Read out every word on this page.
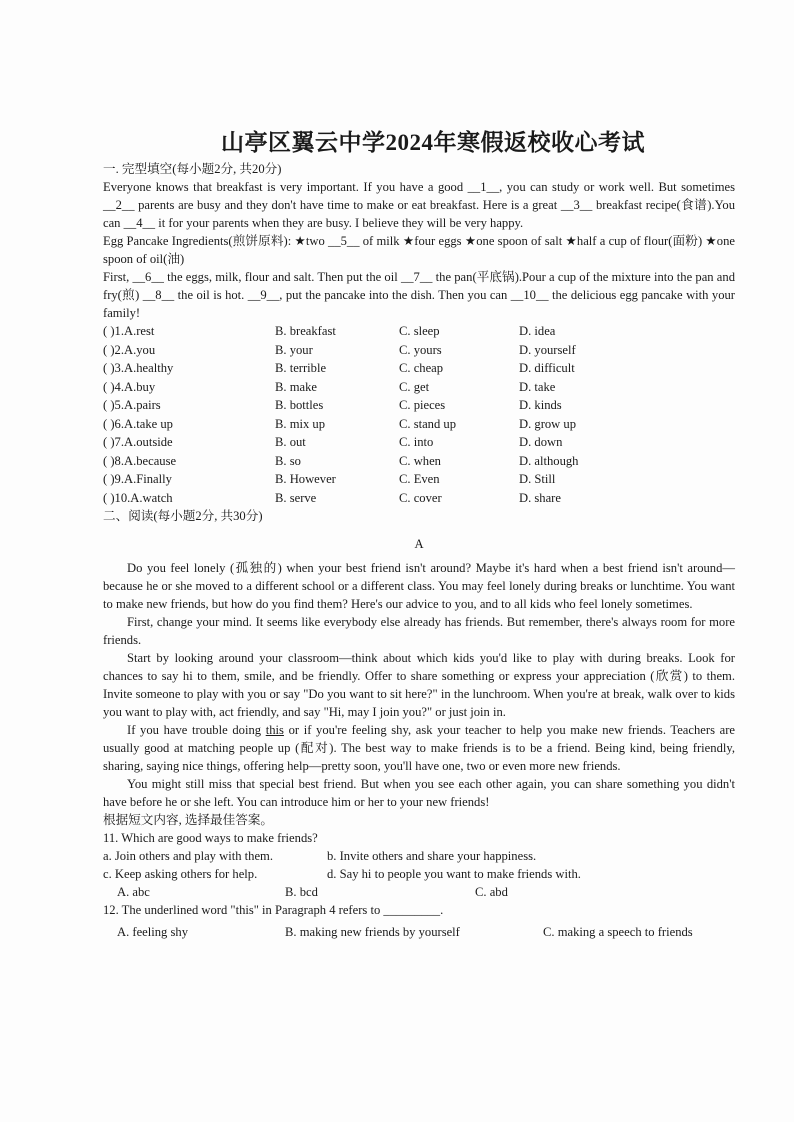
山亭区翼云中学2024年寒假返校收心考试
一. 完型填空(每小题2分, 共20分)

Everyone knows that breakfast is very important. If you have a good __1__, you can study or work well. But sometimes __2__ parents are busy and they don't have time to make or eat breakfast. Here is a great __3__ breakfast recipe(食谱).You can __4__ it for your parents when they are busy. I believe they will be very happy.

Egg Pancake Ingredients(煎饼原料): ★two __5__ of milk ★four eggs ★one spoon of salt ★half a cup of flour(面粉) ★one spoon of oil(油)

First, __6__ the eggs, milk, flour and salt. Then put the oil __7__ the pan(平底锅).Pour a cup of the mixture into the pan and fry(煎) __8__ the oil is hot. __9__, put the pancake into the dish. Then you can __10__ the delicious egg pancake with your family!

( )1.A.rest	B. breakfast	C. sleep	D. idea
( )2.A.you	B. your	C. yours	D. yourself
( )3.A.healthy	B. terrible	C. cheap	D. difficult
( )4.A.buy	B. make	C. get	D. take
( )5.A.pairs	B. bottles	C. pieces	D. kinds
( )6.A.take up	B. mix up	C. stand up	D. grow up
( )7.A.outside	B. out	C. into	D. down
( )8.A.because	B. so	C. when	D. although
( )9.A.Finally	B. However	C. Even	D. Still
( )10.A.watch	B. serve	C. cover	D. share
二、阅读(每小题2分, 共30分)
A

Do you feel lonely (孤独的) when your best friend isn't around? Maybe it's hard when a best friend isn't around—because he or she moved to a different school or a different class. You may feel lonely during breaks or lunchtime. You want to make new friends, but how do you find them? Here's our advice to you, and to all kids who feel lonely sometimes.

First, change your mind. It seems like everybody else already has friends. But remember, there's always room for more friends.

Start by looking around your classroom—think about which kids you'd like to play with during breaks. Look for chances to say hi to them, smile, and be friendly. Offer to share something or express your appreciation (欣赏) to them. Invite someone to play with you or say "Do you want to sit here?" in the lunchroom. When you're at break, walk over to kids you want to play with, act friendly, and say "Hi, may I join you?" or just join in.

If you have trouble doing this or if you're feeling shy, ask your teacher to help you make new friends. Teachers are usually good at matching people up (配对). The best way to make friends is to be a friend. Being kind, being friendly, sharing, saying nice things, offering help—pretty soon, you'll have one, two or even more new friends.

You might still miss that special best friend. But when you see each other again, you can share something you didn't have before he or she left. You can introduce him or her to your new friends!

根据短文内容, 选择最佳答案。

11. Which are good ways to make friends?
a. Join others and play with them.	b. Invite others and share your happiness.
c. Keep asking others for help.	d. Say hi to people you want to make friends with.
A. abc	B. bcd	C. abd
12. The underlined word "this" in Paragraph 4 refers to _________.
A. feeling shy	B. making new friends by yourself	C. making a speech to friends
